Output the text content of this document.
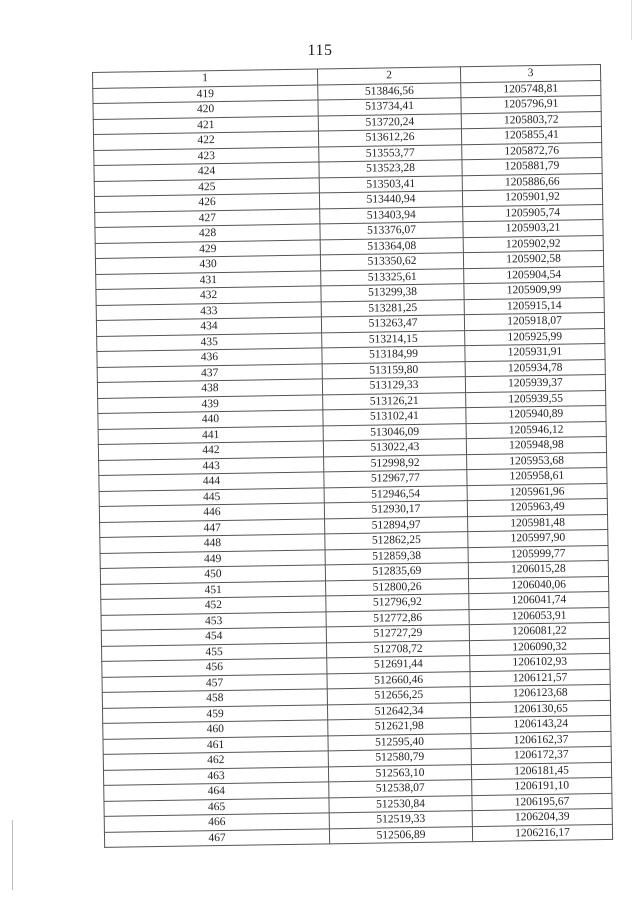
115
1	2	3
419	513846,56	1205748,81
420	513734,41	1205796,91
421	513720,24	1205803,72
422	513612,26	1205855,41
423	513553,77	1205872,76
424	513523,28	1205881,79
425	513503,41	1205886,66
426	513440,94	1205901,92
427	513403,94	1205905,74
428	513376,07	1205903,21
429	513364,08	1205902,92
430	513350,62	1205902,58
431	513325,61	1205904,54
432	513299,38	1205909,99
433	513281,25	1205915,14
434	513263,47	1205918,07
435	513214,15	1205925,99
436	513184,99	1205931,91
437	513159,80	1205934,78
438	513129,33	1205939,37
439	513126,21	1205939,55
440	513102,41	1205940,89
441	513046,09	1205946,12
442	513022,43	1205948,98
443	512998,92	1205953,68
444	512967,77	1205958,61
445	512946,54	1205961,96
446	512930,17	1205963,49
447	512894,97	1205981,48
448	512862,25	1205997,90
449	512859,38	1205999,77
450	512835,69	1206015,28
451	512800,26	1206040,06
452	512796,92	1206041,74
453	512772,86	1206053,91
454	512727,29	1206081,22
455	512708,72	1206090,32
456	512691,44	1206102,93
457	512660,46	1206121,57
458	512656,25	1206123,68
459	512642,34	1206130,65
460	512621,98	1206143,24
461	512595,40	1206162,37
462	512580,79	1206172,37
463	512563,10	1206181,45
464	512538,07	1206191,10
465	512530,84	1206195,67
466	512519,33	1206204,39
467	512506,89	1206216,17
